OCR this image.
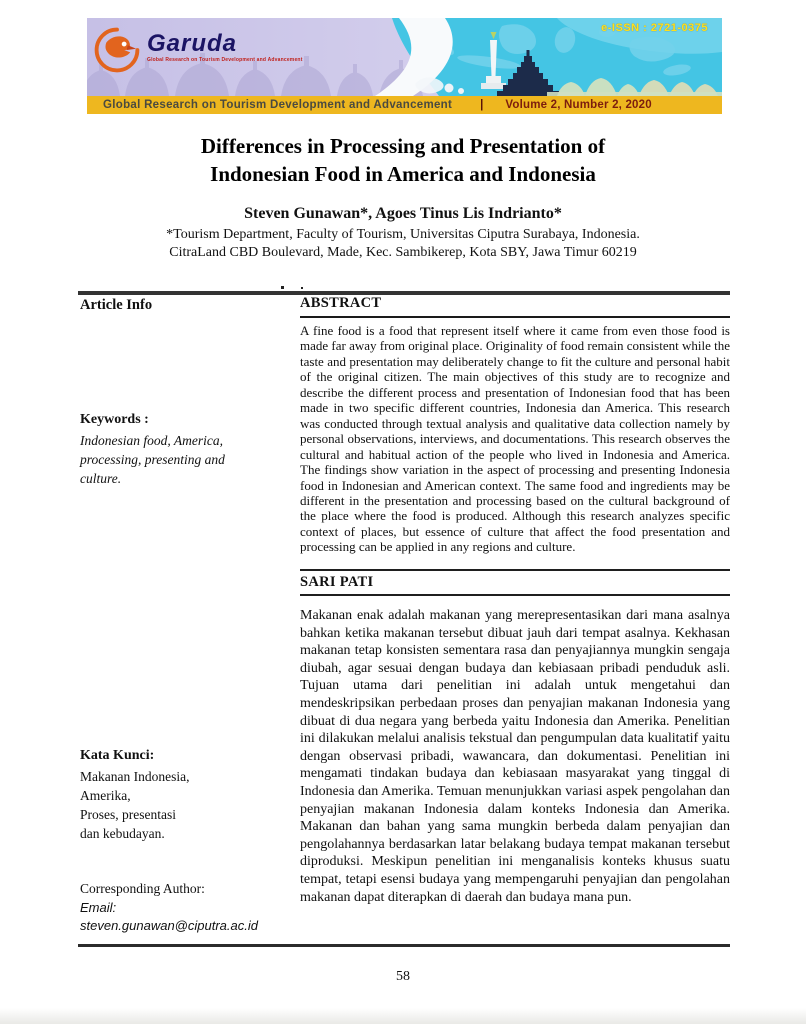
Garuda
Global Research on Tourism Development and Advancement
e-ISSN : 2721-0375
Global Research on Tourism Development and Advancement | Volume 2, Number 2, 2020
Differences in Processing and Presentation of
Indonesian Food in America and Indonesia
Steven Gunawan*, Agoes Tinus Lis Indrianto*
*Tourism Department, Faculty of Tourism, Universitas Ciputra Surabaya, Indonesia.
CitraLand CBD Boulevard, Made, Kec. Sambikerep, Kota SBY, Jawa Timur 60219
Article Info
Keywords :
Indonesian food, America, processing, presenting and culture.
Kata Kunci:
Makanan Indonesia,
Amerika,
Proses, presentasi
dan kebudayan.
Corresponding Author:
Email:
steven.gunawan@ciputra.ac.id
ABSTRACT
A fine food is a food that represent itself where it came from even those food is made far away from original place. Originality of food remain consistent while the taste and presentation may deliberately change to fit the culture and personal habit of the original citizen. The main objectives of this study are to recognize and describe the different process and presentation of Indonesian food that has been made in two specific different countries, Indonesia dan America. This research was conducted through textual analysis and qualitative data collection namely by personal observations, interviews, and documentations. This research observes the cultural and habitual action of the people who lived in Indonesia and America. The findings show variation in the aspect of processing and presenting Indonesia food in Indonesian and American context. The same food and ingredients may be different in the presentation and processing based on the cultural background of the place where the food is produced. Although this research analyzes specific context of places, but essence of culture that affect the food presentation and processing can be applied in any regions and culture.
SARI PATI
Makanan enak adalah makanan yang merepresentasikan dari mana asalnya bahkan ketika makanan tersebut dibuat jauh dari tempat asalnya. Kekhasan makanan tetap konsisten sementara rasa dan penyajiannya mungkin sengaja diubah, agar sesuai dengan budaya dan kebiasaan pribadi penduduk asli. Tujuan utama dari penelitian ini adalah untuk mengetahui dan mendeskripsikan perbedaan proses dan penyajian makanan Indonesia yang dibuat di dua negara yang berbeda yaitu Indonesia dan Amerika. Penelitian ini dilakukan melalui analisis tekstual dan pengumpulan data kualitatif yaitu dengan observasi pribadi, wawancara, dan dokumentasi. Penelitian ini mengamati tindakan budaya dan kebiasaan masyarakat yang tinggal di Indonesia dan Amerika. Temuan menunjukkan variasi aspek pengolahan dan penyajian makanan Indonesia dalam konteks Indonesia dan Amerika. Makanan dan bahan yang sama mungkin berbeda dalam penyajian dan pengolahannya berdasarkan latar belakang budaya tempat makanan tersebut diproduksi. Meskipun penelitian ini menganalisis konteks khusus suatu tempat, tetapi esensi budaya yang mempengaruhi penyajian dan pengolahan makanan dapat diterapkan di daerah dan budaya mana pun.
58
